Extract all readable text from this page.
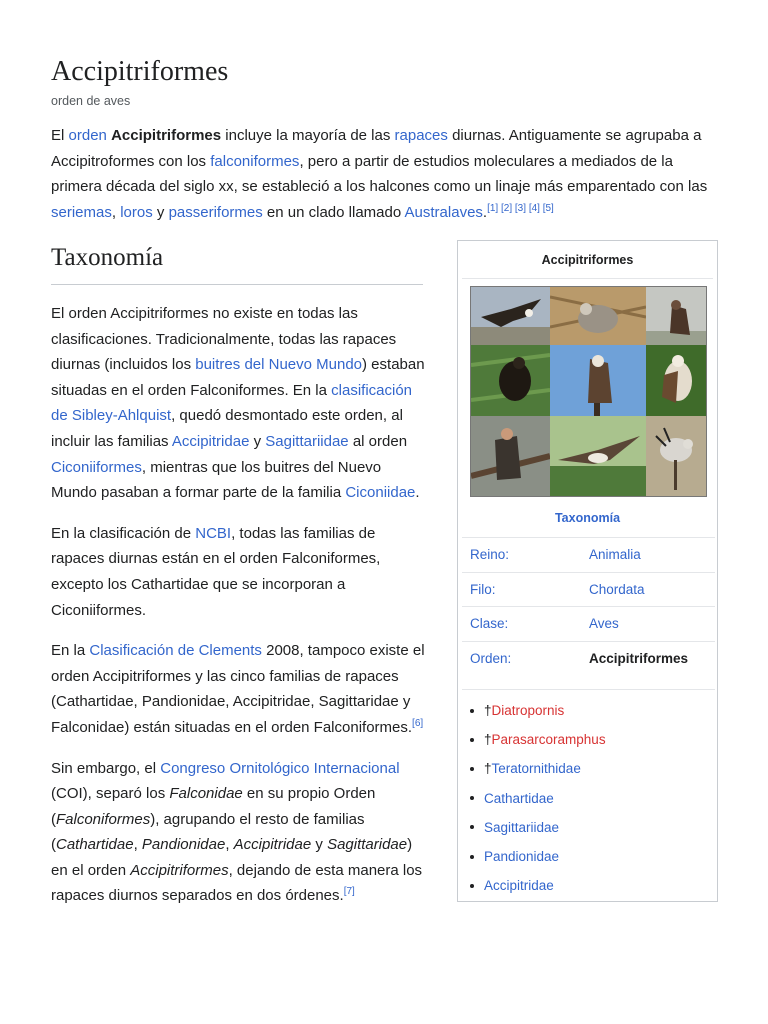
Accipitriformes
orden de aves
El orden Accipitriformes incluye la mayoría de las rapaces diurnas. Antiguamente se agrupaba a Accipitroformes con los falconiformes, pero a partir de estudios moleculares a mediados de la primera década del siglo xx, se estableció a los halcones como un linaje más emparentado con las seriemas, loros y passeriformes en un clado llamado Australaves.[1] [2] [3] [4] [5]
Taxonomía

El orden Accipitriformes no existe en todas las clasificaciones. Tradicionalmente, todas las rapaces diurnas (incluidos los buitres del Nuevo Mundo) estaban situadas en el orden Falconiformes. En la clasificación de Sibley-Ahlquist, quedó desmontado este orden, al incluir las familias Accipitridae y Sagittariidae al orden Ciconiiformes, mientras que los buitres del Nuevo Mundo pasaban a formar parte de la familia Ciconiidae.

En la clasificación de NCBI, todas las familias de rapaces diurnas están en el orden Falconiformes, excepto los Cathartidae que se incorporan a Ciconiiformes.

En la Clasificación de Clements 2008, tampoco existe el orden Accipitriformes y las cinco familias de rapaces (Cathartidae, Pandionidae, Accipitridae, Sagittaridae y Falconidae) están situadas en el orden Falconiformes.[6]

Sin embargo, el Congreso Ornitológico Internacional (COI), separó los Falconidae en su propio Orden (Falconiformes), agrupando el resto de familias (Cathartidae, Pandionidae, Accipitridae y Sagittaridae) en el orden Accipitriformes, dejando de esta manera los rapaces diurnos separados en dos órdenes.[7]

Accipitriformes
Taxonomía
Reino:	Animalia
Filo:	Chordata
Clase:	Aves
Orden:	Accipitriformes
† Diatropornis
† Parasarcoramphus
† Teratornithidae
Cathartidae
Sagittariidae
Pandionidae
Accipitridae
